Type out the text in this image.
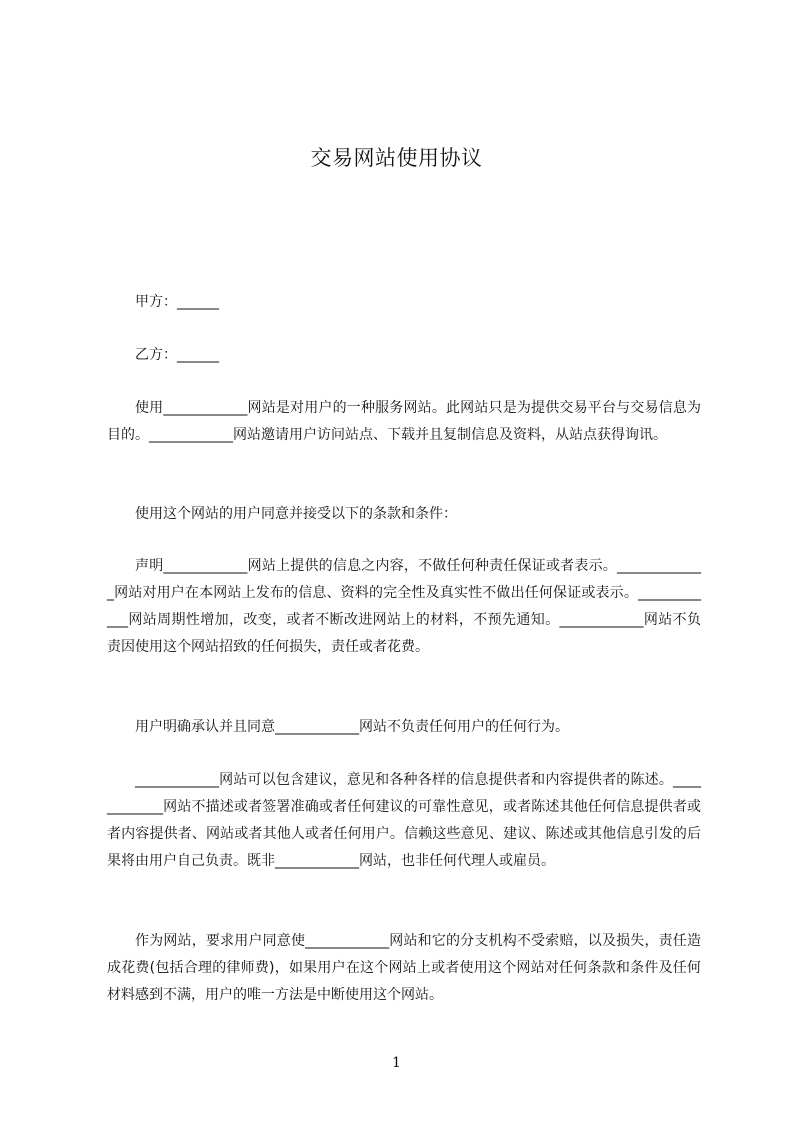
交易网站使用协议

甲方：______

乙方：______

使用____________网站是对用户的一种服务网站。此网站只是为提供交易平台与交易信息为目的。____________网站邀请用户访问站点、下载并且复制信息及资料，从站点获得询讯。

使用这个网站的用户同意并接受以下的条款和条件：

声明____________网站上提供的信息之内容，不做任何种责任保证或者表示。_____________网站对用户在本网站上发布的信息、资料的完全性及真实性不做出任何保证或表示。____________网站周期性增加，改变，或者不断改进网站上的材料，不预先通知。____________网站不负责因使用这个网站招致的任何损失，责任或者花费。

用户明确承认并且同意____________网站不负责任何用户的任何行为。

____________网站可以包含建议，意见和各种各样的信息提供者和内容提供者的陈述。____________网站不描述或者签署准确或者任何建议的可靠性意见，或者陈述其他任何信息提供者或者内容提供者、网站或者其他人或者任何用户。信赖这些意见、建议、陈述或其他信息引发的后果将由用户自己负责。既非____________网站，也非任何代理人或雇员。

作为网站，要求用户同意使____________网站和它的分支机构不受索赔，以及损失，责任造成花费(包括合理的律师费)，如果用户在这个网站上或者使用这个网站对任何条款和条件及任何材料感到不满，用户的唯一方法是中断使用这个网站。

1
